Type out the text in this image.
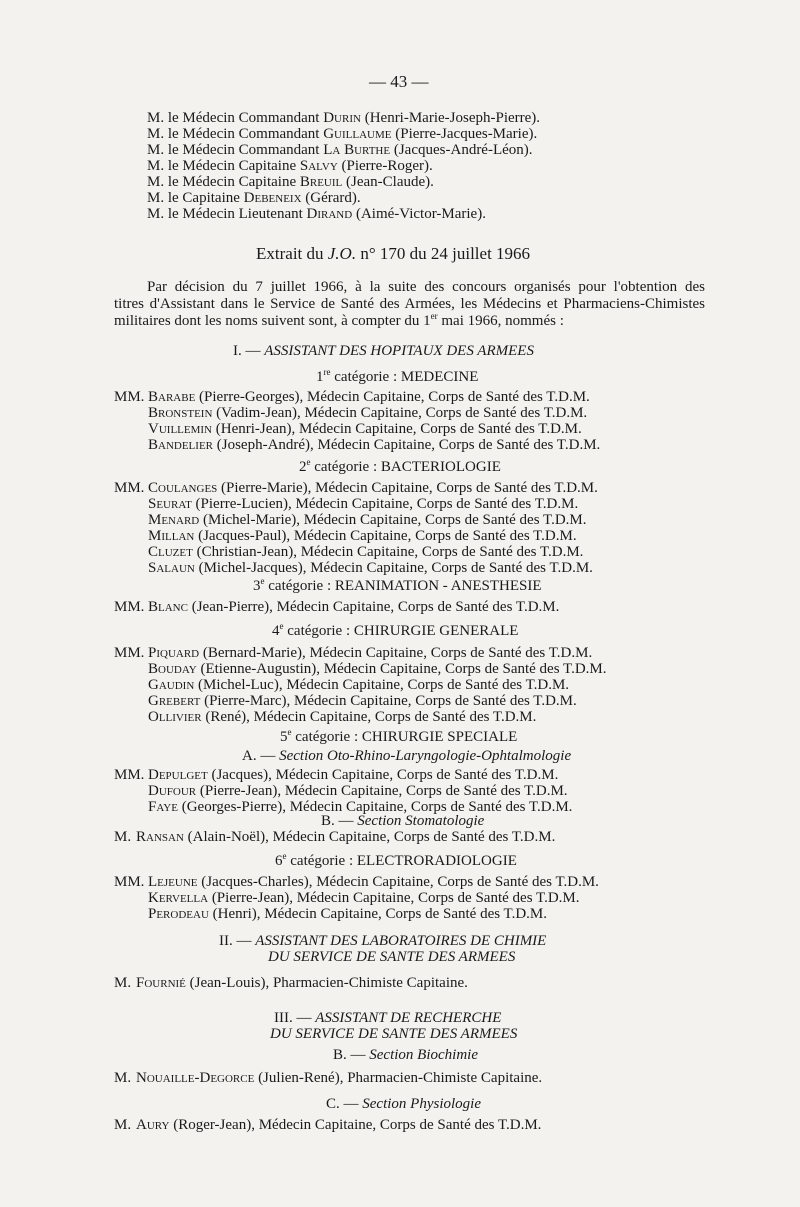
— 43 —
M. le Médecin Commandant Durin (Henri-Marie-Joseph-Pierre).
M. le Médecin Commandant Guillaume (Pierre-Jacques-Marie).
M. le Médecin Commandant La Burthe (Jacques-André-Léon).
M. le Médecin Capitaine Salvy (Pierre-Roger).
M. le Médecin Capitaine Breuil (Jean-Claude).
M. le Capitaine Debeneix (Gérard).
M. le Médecin Lieutenant Dirand (Aimé-Victor-Marie).
Extrait du J.O. n° 170 du 24 juillet 1966
Par décision du 7 juillet 1966, à la suite des concours organisés pour l'obtention des
titres d'Assistant dans le Service de Santé des Armées, les Médecins et Pharmaciens-Chimistes
militaires dont les noms suivent sont, à compter du 1er mai 1966, nommés :
I. — ASSISTANT DES HOPITAUX DES ARMEES
1re catégorie : MEDECINE
MM. Barabe (Pierre-Georges), Médecin Capitaine, Corps de Santé des T.D.M.
Bronstein (Vadim-Jean), Médecin Capitaine, Corps de Santé des T.D.M.
Vuillemin (Henri-Jean), Médecin Capitaine, Corps de Santé des T.D.M.
Bandelier (Joseph-André), Médecin Capitaine, Corps de Santé des T.D.M.
2e catégorie : BACTERIOLOGIE
MM. Coulanges (Pierre-Marie), Médecin Capitaine, Corps de Santé des T.D.M.
Seurat (Pierre-Lucien), Médecin Capitaine, Corps de Santé des T.D.M.
Menard (Michel-Marie), Médecin Capitaine, Corps de Santé des T.D.M.
Millan (Jacques-Paul), Médecin Capitaine, Corps de Santé des T.D.M.
Cluzet (Christian-Jean), Médecin Capitaine, Corps de Santé des T.D.M.
Salaun (Michel-Jacques), Médecin Capitaine, Corps de Santé des T.D.M.
3e catégorie : REANIMATION - ANESTHESIE
MM. Blanc (Jean-Pierre), Médecin Capitaine, Corps de Santé des T.D.M.
4e catégorie : CHIRURGIE GENERALE
MM. Piquard (Bernard-Marie), Médecin Capitaine, Corps de Santé des T.D.M.
Bouday (Etienne-Augustin), Médecin Capitaine, Corps de Santé des T.D.M.
Gaudin (Michel-Luc), Médecin Capitaine, Corps de Santé des T.D.M.
Grebert (Pierre-Marc), Médecin Capitaine, Corps de Santé des T.D.M.
Ollivier (René), Médecin Capitaine, Corps de Santé des T.D.M.
5e catégorie : CHIRURGIE SPECIALE
A. — Section Oto-Rhino-Laryngologie-Ophtalmologie
MM. Depulget (Jacques), Médecin Capitaine, Corps de Santé des T.D.M.
Dufour (Pierre-Jean), Médecin Capitaine, Corps de Santé des T.D.M.
Faye (Georges-Pierre), Médecin Capitaine, Corps de Santé des T.D.M.
B. — Section Stomatologie
M. Ransan (Alain-Noël), Médecin Capitaine, Corps de Santé des T.D.M.
6e catégorie : ELECTRORADIOLOGIE
MM. Lejeune (Jacques-Charles), Médecin Capitaine, Corps de Santé des T.D.M.
Kervella (Pierre-Jean), Médecin Capitaine, Corps de Santé des T.D.M.
Perodeau (Henri), Médecin Capitaine, Corps de Santé des T.D.M.
II. — ASSISTANT DES LABORATOIRES DE CHIMIE
DU SERVICE DE SANTE DES ARMEES
M. Fournié (Jean-Louis), Pharmacien-Chimiste Capitaine.
III. — ASSISTANT DE RECHERCHE
DU SERVICE DE SANTE DES ARMEES
B. — Section Biochimie
M. Nouaille-Degorce (Julien-René), Pharmacien-Chimiste Capitaine.
C. — Section Physiologie
M. Aury (Roger-Jean), Médecin Capitaine, Corps de Santé des T.D.M.
